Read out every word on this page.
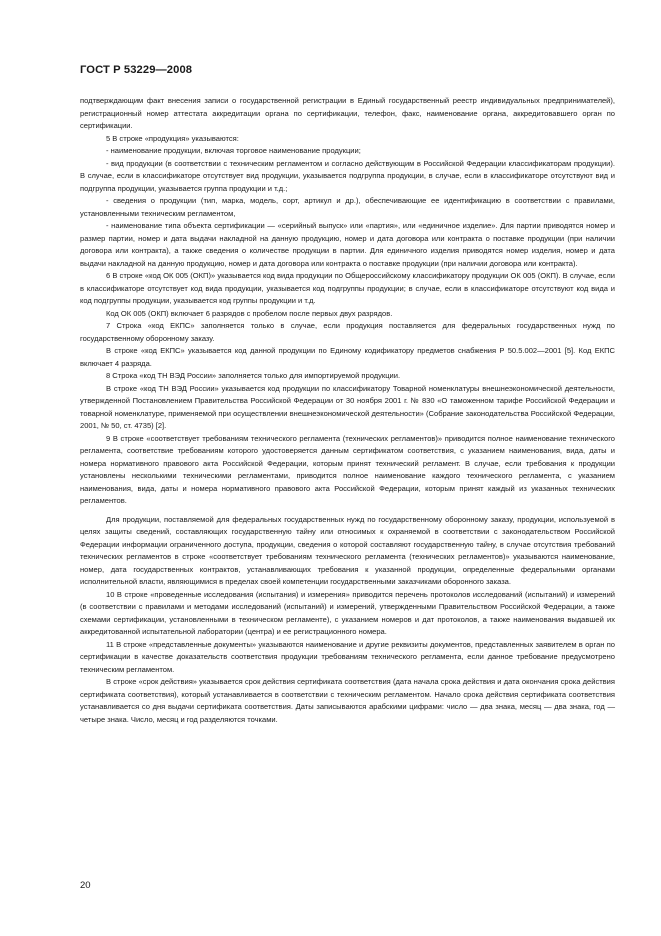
ГОСТ Р 53229—2008

подтверждающим факт внесения записи о государственной регистрации в Единый государственный реестр индивидуальных предпринимателей), регистрационный номер аттестата аккредитации органа по сертификации, телефон, факс, наименование органа, аккредитовавшего орган по сертификации.

5 В строке «продукция» указываются:

- наименование продукции, включая торговое наименование продукции;

- вид продукции (в соответствии с техническим регламентом и согласно действующим в Российской Федерации классификаторам продукции). В случае, если в классификаторе отсутствует вид продукции, указывается подгруппа продукции, в случае, если в классификаторе отсутствуют вид и подгруппа продукции, указывается группа продукции и т.д.;

- сведения о продукции (тип, марка, модель, сорт, артикул и др.), обеспечивающие ее идентификацию в соответствии с правилами, установленными техническим регламентом,

- наименование типа объекта сертификации — «серийный выпуск» или «партия», или «единичное изделие». Для партии приводятся номер и размер партии, номер и дата выдачи накладной на данную продукцию, номер и дата договора или контракта о поставке продукции (при наличии договора или контракта), а также сведения о количестве продукции в партии. Для единичного изделия приводятся номер изделия, номер и дата выдачи накладной на данную продукцию, номер и дата договора или контракта о поставке продукции (при наличии договора или контракта).

6 В строке «код ОК 005 (ОКП)» указывается код вида продукции по Общероссийскому классификатору продукции ОК 005 (ОКП). В случае, если в классификаторе отсутствует код вида продукции, указывается код подгруппы продукции; в случае, если в классификаторе отсутствуют код вида и код подгруппы продукции, указывается код группы продукции и т.д.

Код ОК 005 (ОКП) включает 6 разрядов с пробелом после первых двух разрядов.

7 Строка «код ЕКПС» заполняется только в случае, если продукция поставляется для федеральных государственных нужд по государственному оборонному заказу.

В строке «код ЕКПС» указывается код данной продукции по Единому кодификатору предметов снабжения Р 50.5.002—2001 [5]. Код ЕКПС включает 4 разряда.

8 Строка «код ТН ВЭД России» заполняется только для импортируемой продукции.

В строке «код ТН ВЭД России» указывается код продукции по классификатору Товарной номенклатуры внешнеэкономической деятельности, утвержденной Постановлением Правительства Российской Федерации от 30 ноября 2001 г. № 830 «О таможенном тарифе Российской Федерации и товарной номенклатуре, применяемой при осуществлении внешнеэкономической деятельности» (Собрание законодательства Российской Федерации, 2001, № 50, ст. 4735) [2].

9 В строке «соответствует требованиям технического регламента (технических регламентов)» приводится полное наименование технического регламента, соответствие требованиям которого удостоверяется данным сертификатом соответствия, с указанием наименования, вида, даты и номера нормативного правового акта Российской Федерации, которым принят технический регламент. В случае, если требования к продукции установлены несколькими техническими регламентами, приводится полное наименование каждого технического регламента, с указанием наименования, вида, даты и номера нормативного правового акта Российской Федерации, которым принят каждый из указанных технических регламентов.

Для продукции, поставляемой для федеральных государственных нужд по государственному оборонному заказу, продукции, используемой в целях защиты сведений, составляющих государственную тайну или относимых к охраняемой в соответствии с законодательством Российской Федерации информации ограниченного доступа, продукции, сведения о которой составляют государственную тайну, в случае отсутствия требований технических регламентов в строке «соответствует требованиям технического регламента (технических регламентов)» указываются наименование, номер, дата государственных контрактов, устанавливающих требования к указанной продукции, определенные федеральными органами исполнительной власти, являющимися в пределах своей компетенции государственными заказчиками оборонного заказа.

10 В строке «проведенные исследования (испытания) и измерения» приводится перечень протоколов исследований (испытаний) и измерений (в соответствии с правилами и методами исследований (испытаний) и измерений, утвержденными Правительством Российской Федерации, а также схемами сертификации, установленными в техническом регламенте), с указанием номеров и дат протоколов, а также наименования выдавшей их аккредитованной испытательной лаборатории (центра) и ее регистрационного номера.

11 В строке «представленные документы» указываются наименование и другие реквизиты документов, представленных заявителем в орган по сертификации в качестве доказательств соответствия продукции требованиям технического регламента, если данное требование предусмотрено техническим регламентом.

В строке «срок действия» указывается срок действия сертификата соответствия (дата начала срока действия и дата окончания срока действия сертификата соответствия), который устанавливается в соответствии с техническим регламентом. Начало срока действия сертификата соответствия устанавливается со дня выдачи сертификата соответствия. Даты записываются арабскими цифрами: число — два знака, месяц — два знака, год — четыре знака. Число, месяц и год разделяются точками.

20
